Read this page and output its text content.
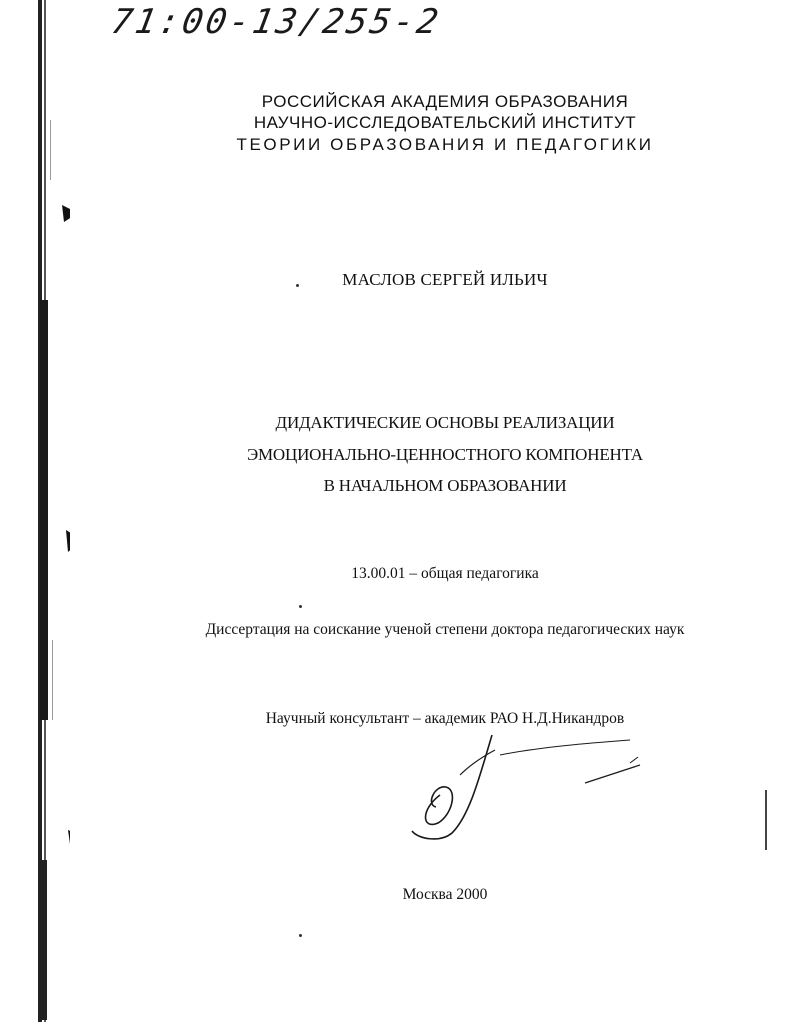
71:00-13/255-2
РОССИЙСКАЯ АКАДЕМИЯ ОБРАЗОВАНИЯ
НАУЧНО-ИССЛЕДОВАТЕЛЬСКИЙ ИНСТИТУТ
ТЕОРИИ ОБРАЗОВАНИЯ И ПЕДАГОГИКИ
МАСЛОВ СЕРГЕЙ ИЛЬИЧ
ДИДАКТИЧЕСКИЕ ОСНОВЫ РЕАЛИЗАЦИИ
ЭМОЦИОНАЛЬНО-ЦЕННОСТНОГО КОМПОНЕНТА
В НАЧАЛЬНОМ ОБРАЗОВАНИИ
13.00.01 – общая педагогика
Диссертация на соискание ученой степени доктора педагогических наук
Научный консультант – академик РАО Н.Д.Никандров
Москва 2000
